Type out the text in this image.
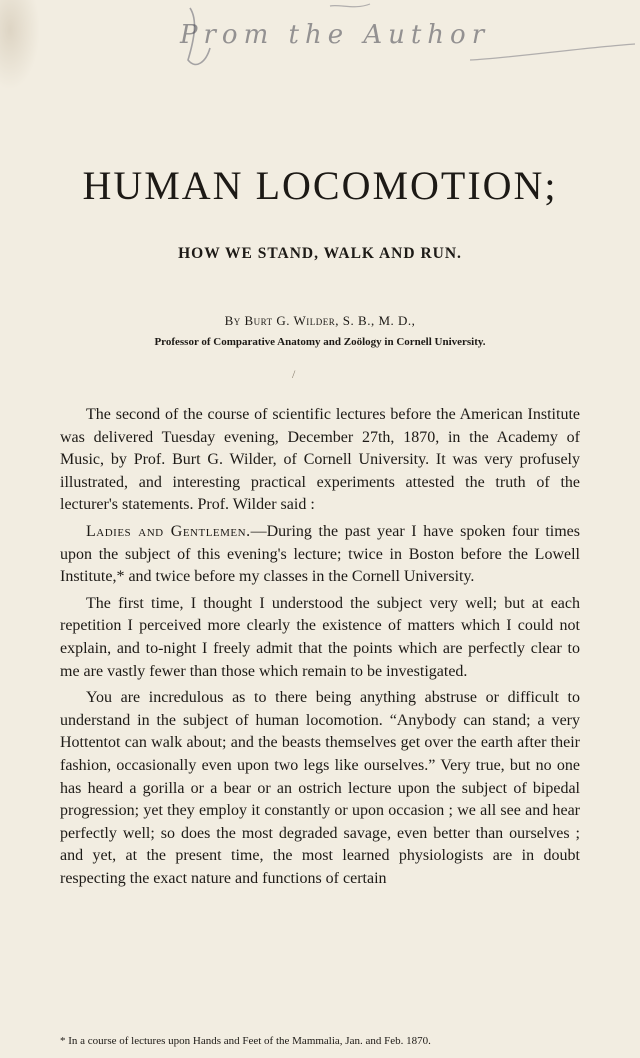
Prom the Author
HUMAN LOCOMOTION;
HOW WE STAND, WALK AND RUN.

By Burt G. Wilder, S. B., M. D.,

Professor of Comparative Anatomy and Zoölogy in Cornell University.

/

The second of the course of scientific lectures before the American Institute was delivered Tuesday evening, December 27th, 1870, in the Academy of Music, by Prof. Burt G. Wilder, of Cornell University. It was very profusely illustrated, and interesting practical experiments attested the truth of the lecturer's statements. Prof. Wilder said :

Ladies and Gentlemen.—During the past year I have spoken four times upon the subject of this evening's lecture; twice in Boston before the Lowell Institute,* and twice before my classes in the Cornell University.

The first time, I thought I understood the subject very well; but at each repetition I perceived more clearly the existence of matters which I could not explain, and to-night I freely admit that the points which are perfectly clear to me are vastly fewer than those which remain to be investigated.

You are incredulous as to there being anything abstruse or difficult to understand in the subject of human locomotion. “Anybody can stand; a very Hottentot can walk about; and the beasts themselves get over the earth after their fashion, occasionally even upon two legs like ourselves.” Very true, but no one has heard a gorilla or a bear or an ostrich lecture upon the subject of bipedal progression; yet they employ it constantly or upon occasion ; we all see and hear perfectly well; so does the most degraded savage, even better than ourselves ; and yet, at the present time, the most learned physiologists are in doubt respecting the exact nature and functions of certain

* In a course of lectures upon Hands and Feet of the Mammalia, Jan. and Feb. 1870.
